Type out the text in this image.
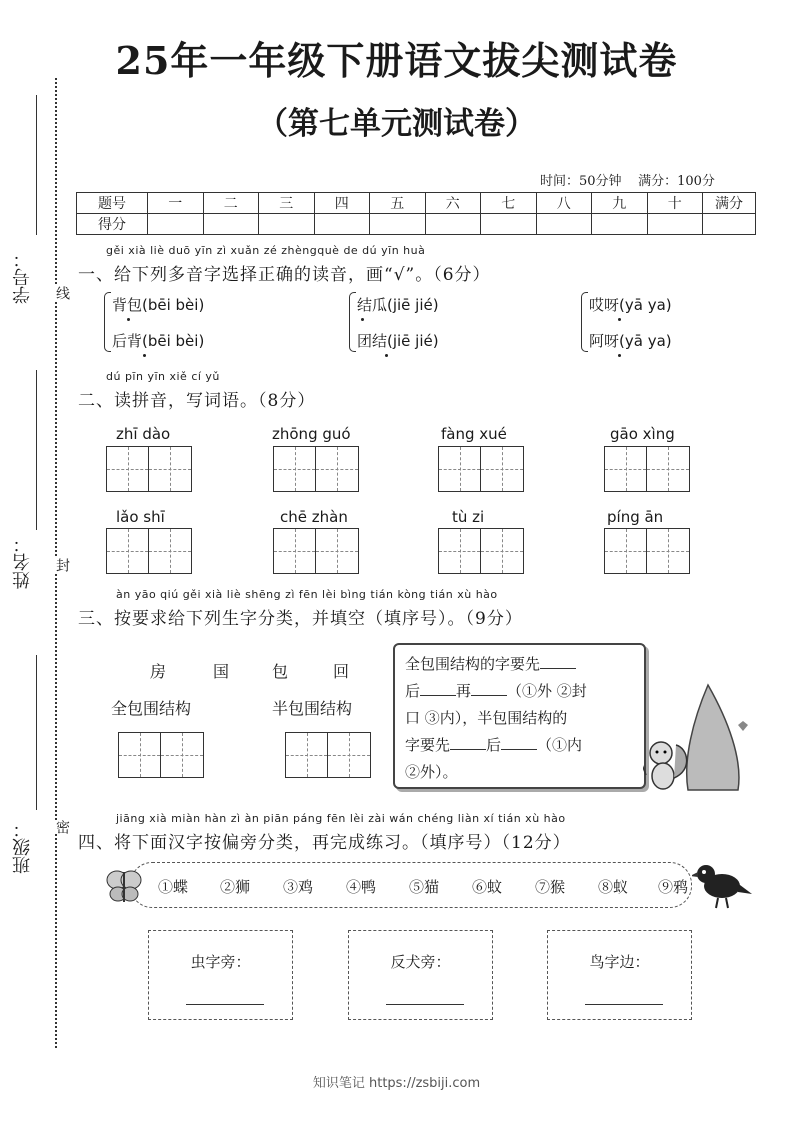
25年一年级下册语文拔尖测试卷
（第七单元测试卷）
时间：50分钟    满分：100分
学号：
姓名：
班级：
线
封
密
题号	一	二	三	四	五	六	七	八	九	十	满分
得分											
gěi xià liè duō yīn zì xuǎn zé zhèngquè de dú yīn huà
一、给下列多音字选择正确的读音，画“√”。（6分）
背包(bēi bèi)
后背(bēi bèi)
结瓜(jiē jié)
团结(jiē jié)
哎呀(yā ya)
阿呀(yā ya)
dú pīn yīn xiě cí yǔ
二、读拼音，写词语。（8分）
zhī dào	zhōng guó	fàng xué	gāo xìng
lǎo shī	chē zhàn	tù zi	píng ān
àn yāo qiú gěi xià liè shēng zì fēn lèi bìng tián kòng tián xù hào
三、按要求给下列生字分类，并填空（填序号）。（9分）
房	国	包	回
全包围结构	半包围结构
全包围结构的字要先
后 再 （①外 ②封
口 ③内），半包围结构的
字要先 后 （①内
②外）。
jiāng xià miàn hàn zì àn piān páng fēn lèi zài wán chéng liàn xí tián xù hào
四、将下面汉字按偏旁分类，再完成练习。（填序号）（12分）
①蝶 ②狮 ③鸡 ④鸭 ⑤猫 ⑥蚊 ⑦猴 ⑧蚁 ⑨鸦
虫字旁：	反犬旁：	鸟字边：
知识笔记 https://zsbiji.com
